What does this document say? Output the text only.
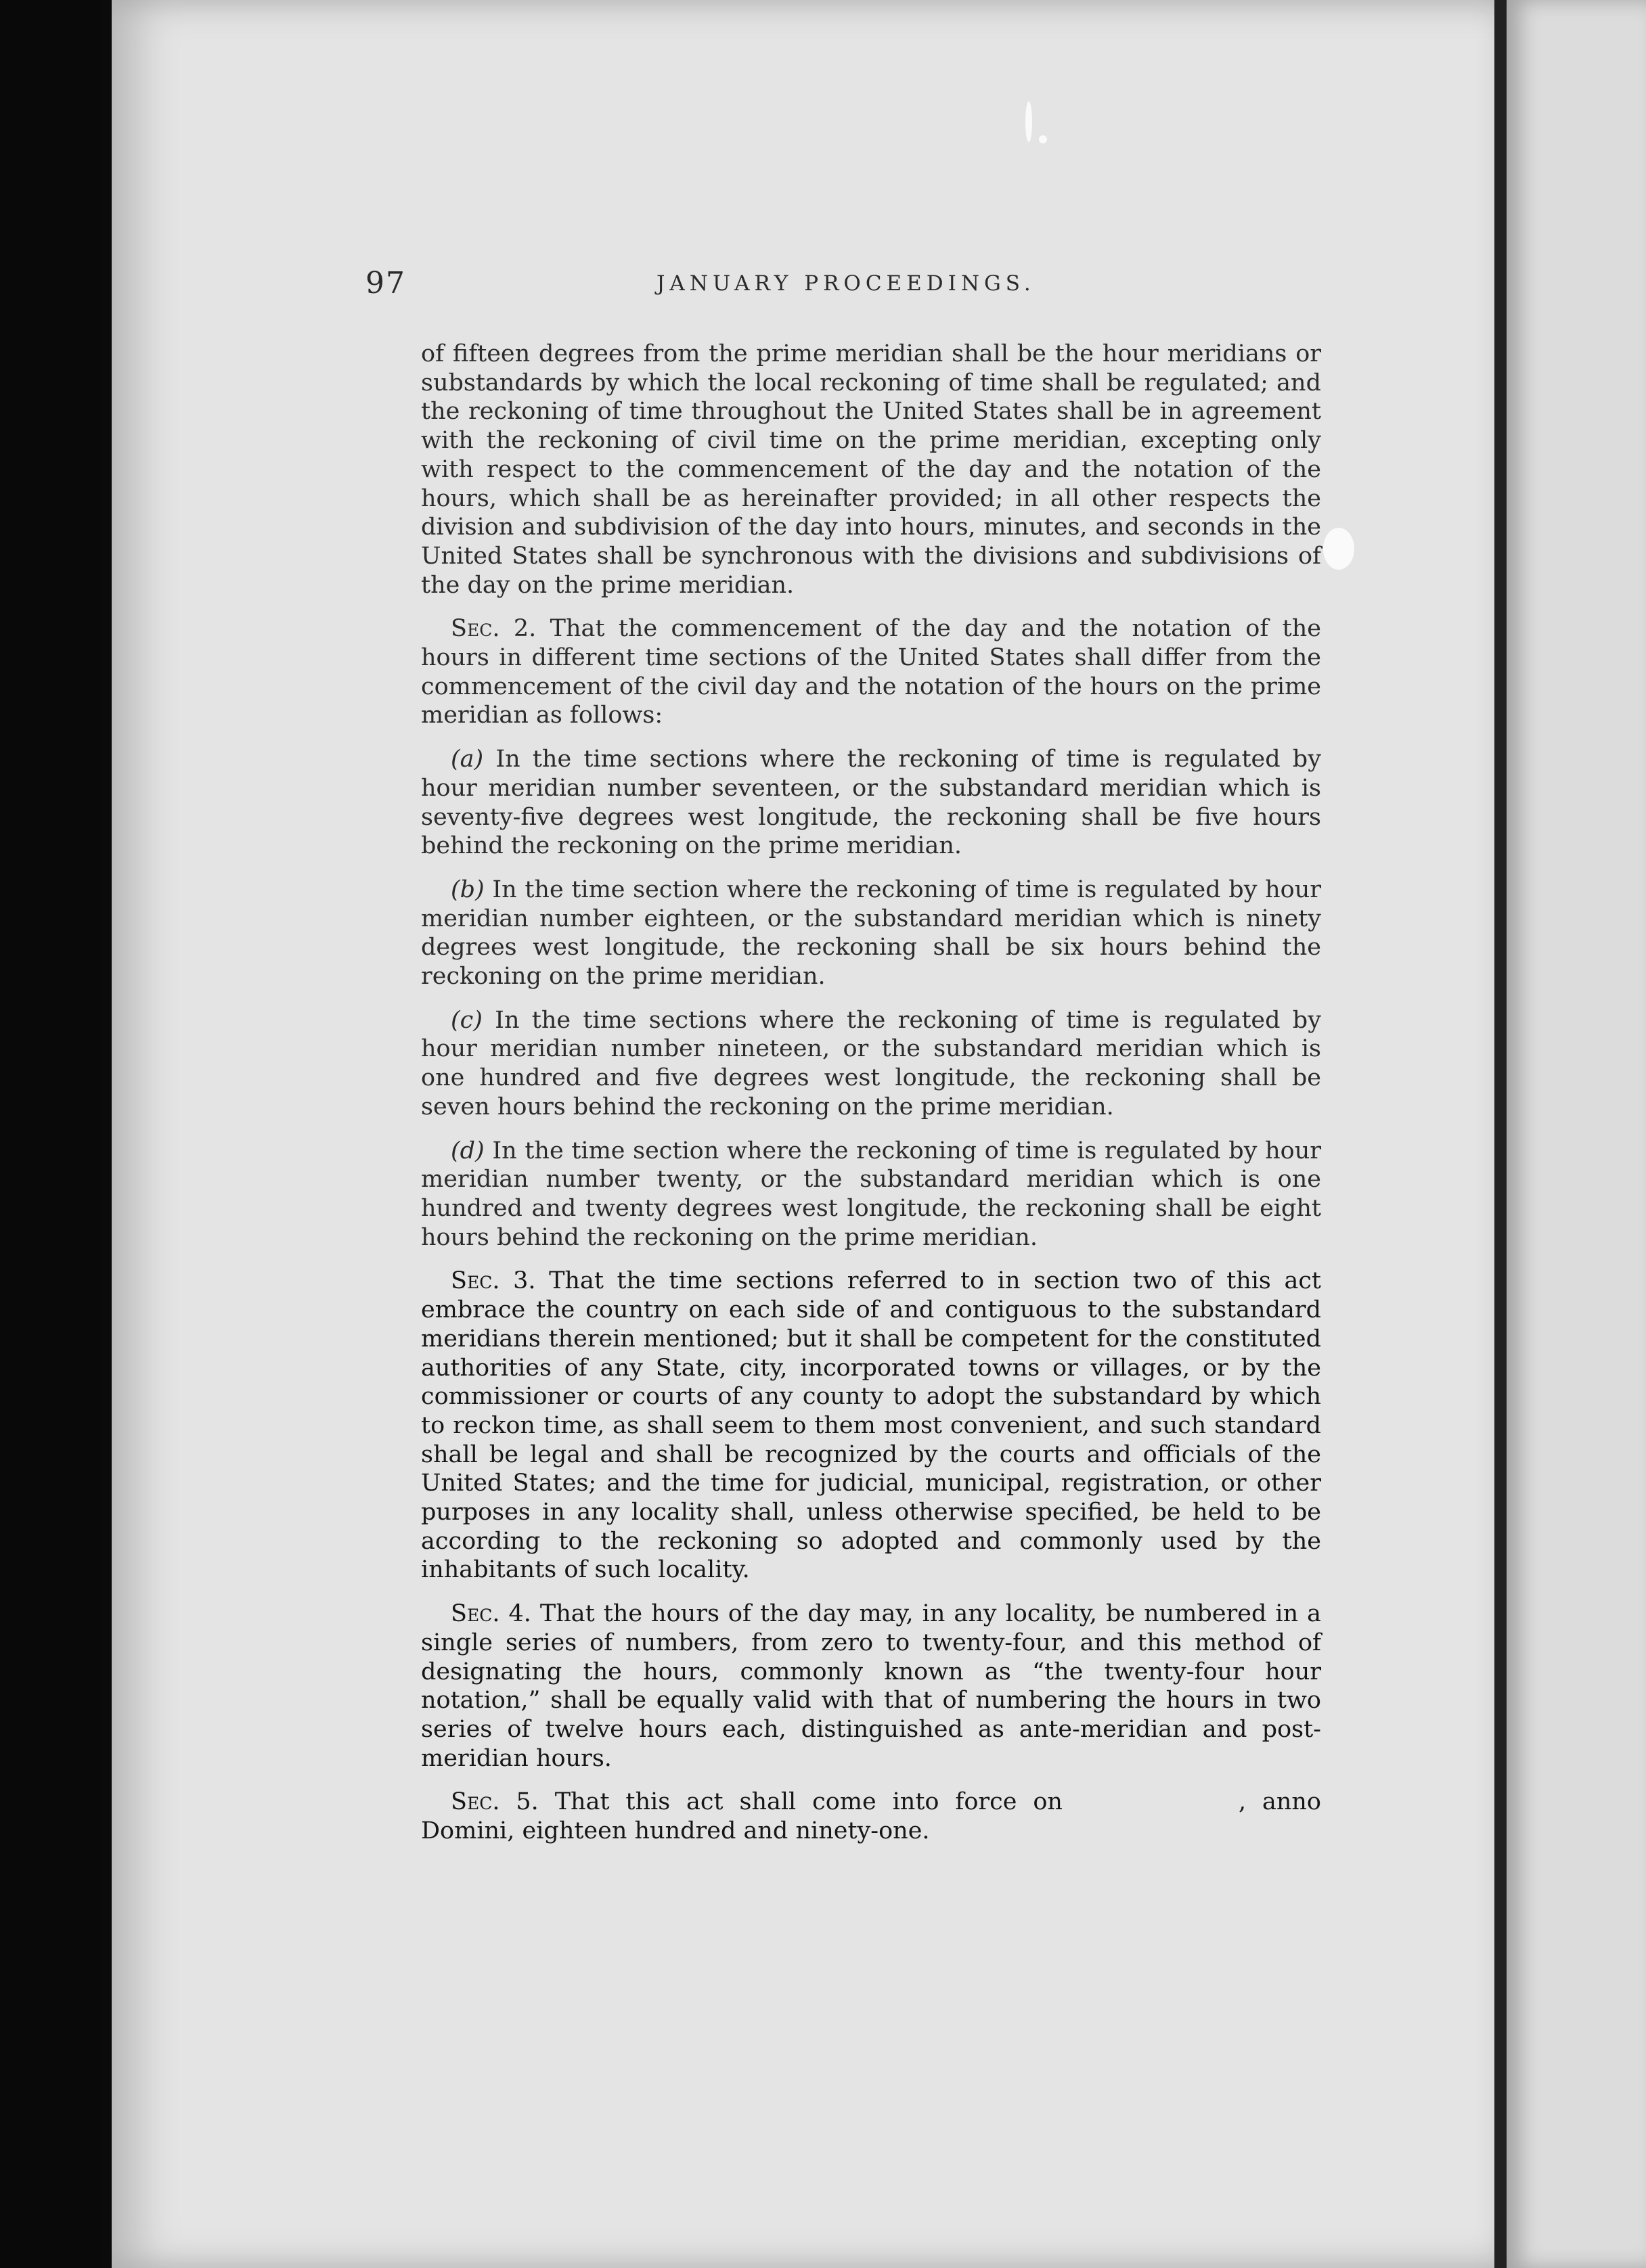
97	JANUARY PROCEEDINGS.

of fifteen degrees from the prime meridian shall be the hour meridians or substandards by which the local reckoning of time shall be regulated; and the reckoning of time throughout the United States shall be in agreement with the reckoning of civil time on the prime meridian, excepting only with respect to the commencement of the day and the notation of the hours, which shall be as hereinafter provided; in all other respects the division and subdivision of the day into hours, minutes, and seconds in the United States shall be synchronous with the divisions and subdivisions of the day on the prime meridian.

Sec. 2. That the commencement of the day and the notation of the hours in different time sections of the United States shall differ from the commencement of the civil day and the notation of the hours on the prime meridian as follows:

(a) In the time sections where the reckoning of time is regulated by hour meridian number seventeen, or the substandard meridian which is seventy-five degrees west longitude, the reckoning shall be five hours behind the reckoning on the prime meridian.

(b) In the time section where the reckoning of time is regulated by hour meridian number eighteen, or the substandard meridian which is ninety degrees west longitude, the reckoning shall be six hours behind the reckoning on the prime meridian.

(c) In the time sections where the reckoning of time is regulated by hour meridian number nineteen, or the substandard meridian which is one hundred and five degrees west longitude, the reckoning shall be seven hours behind the reckoning on the prime meridian.

(d) In the time section where the reckoning of time is regulated by hour meridian number twenty, or the substandard meridian which is one hundred and twenty degrees west longitude, the reckoning shall be eight hours behind the reckoning on the prime meridian.

Sec. 3. That the time sections referred to in section two of this act embrace the country on each side of and contiguous to the substandard meridians therein mentioned; but it shall be competent for the constituted authorities of any State, city, incorporated towns or villages, or by the commissioner or courts of any county to adopt the substandard by which to reckon time, as shall seem to them most convenient, and such standard shall be legal and shall be recognized by the courts and officials of the United States; and the time for judicial, municipal, registration, or other purposes in any locality shall, unless otherwise specified, be held to be according to the reckoning so adopted and commonly used by the inhabitants of such locality.

Sec. 4. That the hours of the day may, in any locality, be numbered in a single series of numbers, from zero to twenty-four, and this method of designating the hours, commonly known as “the twenty-four hour notation,” shall be equally valid with that of numbering the hours in two series of twelve hours each, distinguished as ante-meridian and post-meridian hours.

Sec. 5. That this act shall come into force on	, anno Domini, eighteen hundred and ninety-one.
